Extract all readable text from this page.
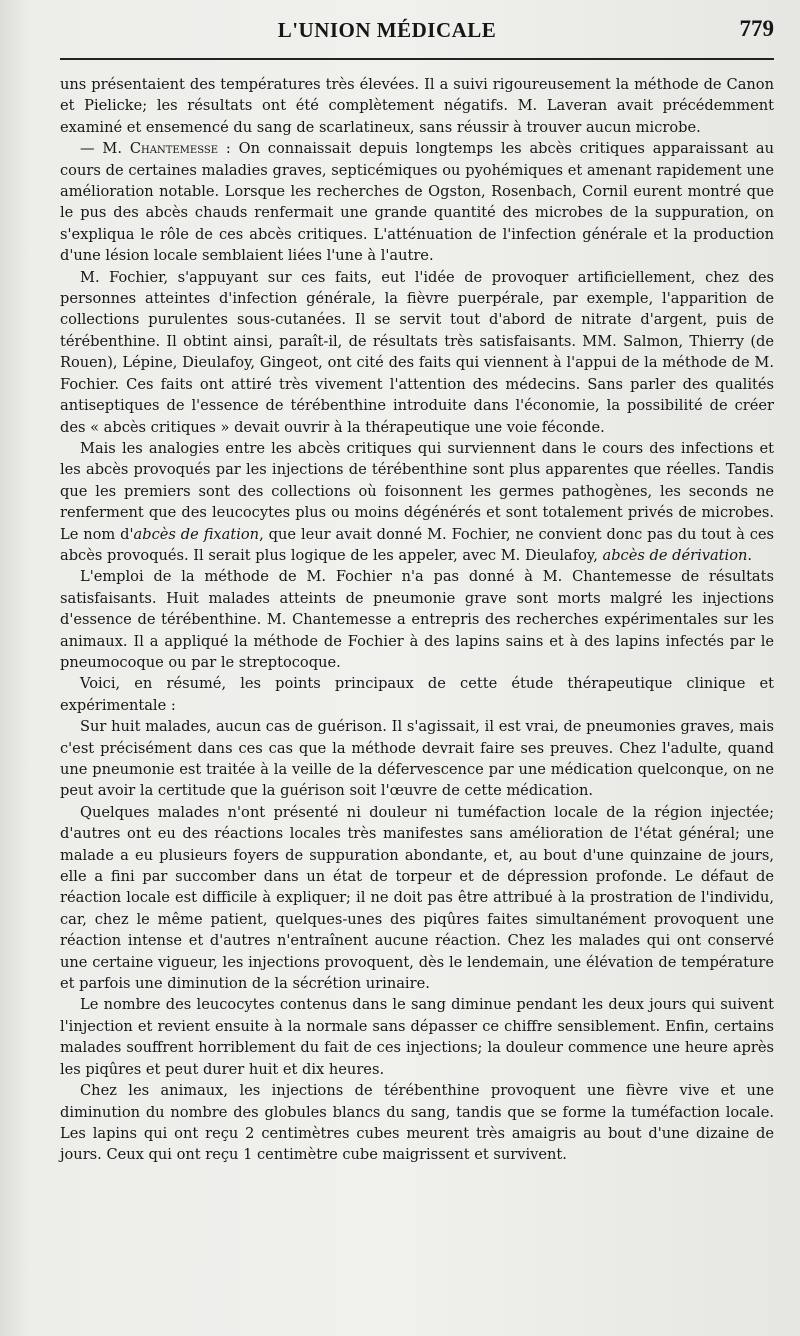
L'UNION MÉDICALE	779

uns présentaient des températures très élevées. Il a suivi rigoureusement la méthode de Canon et Pielicke; les résultats ont été complètement négatifs. M. Laveran avait précédemment examiné et ensemencé du sang de scarlatineux, sans réussir à trouver aucun microbe.

— M. Chantemesse : On connaissait depuis longtemps les abcès critiques apparaissant au cours de certaines maladies graves, septicémiques ou pyohémiques et amenant rapidement une amélioration notable. Lorsque les recherches de Ogston, Rosenbach, Cornil eurent montré que le pus des abcès chauds renfermait une grande quantité des microbes de la suppuration, on s'expliqua le rôle de ces abcès critiques. L'atténuation de l'infection générale et la production d'une lésion locale semblaient liées l'une à l'autre.

M. Fochier, s'appuyant sur ces faits, eut l'idée de provoquer artificiellement, chez des personnes atteintes d'infection générale, la fièvre puerpérale, par exemple, l'apparition de collections purulentes sous-cutanées. Il se servit tout d'abord de nitrate d'argent, puis de térébenthine. Il obtint ainsi, paraît-il, de résultats très satisfaisants. MM. Salmon, Thierry (de Rouen), Lépine, Dieulafoy, Gingeot, ont cité des faits qui viennent à l'appui de la méthode de M. Fochier. Ces faits ont attiré très vivement l'attention des médecins. Sans parler des qualités antiseptiques de l'essence de térébenthine introduite dans l'économie, la possibilité de créer des « abcès critiques » devait ouvrir à la thérapeutique une voie féconde.

Mais les analogies entre les abcès critiques qui surviennent dans le cours des infections et les abcès provoqués par les injections de térébenthine sont plus apparentes que réelles. Tandis que les premiers sont des collections où foisonnent les germes pathogènes, les seconds ne renferment que des leucocytes plus ou moins dégénérés et sont totalement privés de microbes. Le nom d'abcès de fixation, que leur avait donné M. Fochier, ne convient donc pas du tout à ces abcès provoqués. Il serait plus logique de les appeler, avec M. Dieulafoy, abcès de dérivation.

L'emploi de la méthode de M. Fochier n'a pas donné à M. Chantemesse de résultats satisfaisants. Huit malades atteints de pneumonie grave sont morts malgré les injections d'essence de térébenthine. M. Chantemesse a entrepris des recherches expérimentales sur les animaux. Il a appliqué la méthode de Fochier à des lapins sains et à des lapins infectés par le pneumocoque ou par le streptocoque.

Voici, en résumé, les points principaux de cette étude thérapeutique clinique et expérimentale :

Sur huit malades, aucun cas de guérison. Il s'agissait, il est vrai, de pneumonies graves, mais c'est précisément dans ces cas que la méthode devrait faire ses preuves. Chez l'adulte, quand une pneumonie est traitée à la veille de la défervescence par une médication quelconque, on ne peut avoir la certitude que la guérison soit l'œuvre de cette médication.

Quelques malades n'ont présenté ni douleur ni tuméfaction locale de la région injectée; d'autres ont eu des réactions locales très manifestes sans amélioration de l'état général; une malade a eu plusieurs foyers de suppuration abondante, et, au bout d'une quinzaine de jours, elle a fini par succomber dans un état de torpeur et de dépression profonde. Le défaut de réaction locale est difficile à expliquer; il ne doit pas être attribué à la prostration de l'individu, car, chez le même patient, quelques-unes des piqûres faites simultanément provoquent une réaction intense et d'autres n'entraînent aucune réaction. Chez les malades qui ont conservé une certaine vigueur, les injections provoquent, dès le lendemain, une élévation de température et parfois une diminution de la sécrétion urinaire.

Le nombre des leucocytes contenus dans le sang diminue pendant les deux jours qui suivent l'injection et revient ensuite à la normale sans dépasser ce chiffre sensiblement. Enfin, certains malades souffrent horriblement du fait de ces injections; la douleur commence une heure après les piqûres et peut durer huit et dix heures.

Chez les animaux, les injections de térébenthine provoquent une fièvre vive et une diminution du nombre des globules blancs du sang, tandis que se forme la tuméfaction locale. Les lapins qui ont reçu 2 centimètres cubes meurent très amaigris au bout d'une dizaine de jours. Ceux qui ont reçu 1 centimètre cube maigrissent et survivent.
